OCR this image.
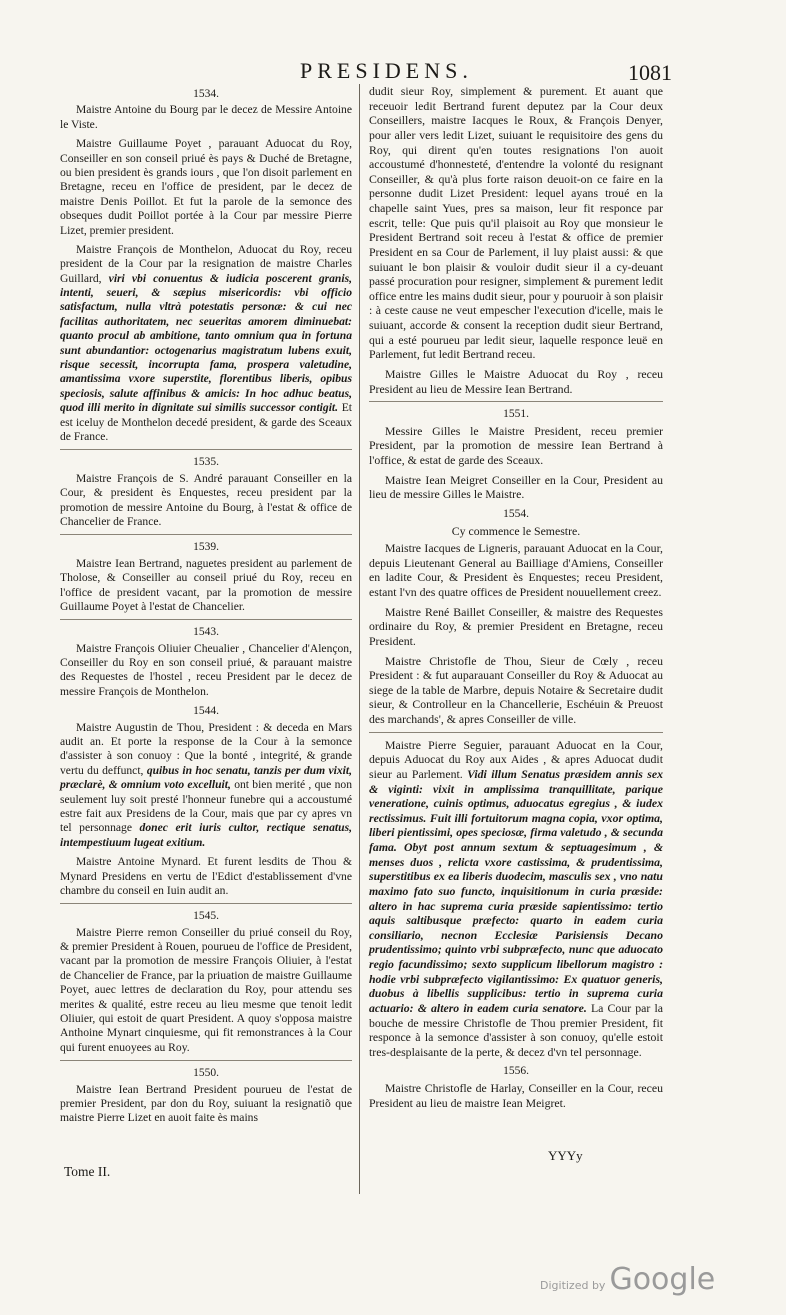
PRESIDENS.	1081
1534.

Maistre Antoine du Bourg par le decez de Messire Antoine le Viste.

Maistre Guillaume Poyet , parauant Aduocat du Roy, Conseiller en son conseil priué ès pays & Duché de Bretagne, ou bien president ès grands iours , que l'on disoit parlement en Bretagne, receu en l'office de president, par le decez de maistre Denis Poillot. Et fut la parole de la semonce des obseques dudit Poillot portée à la Cour par messire Pierre Lizet, premier president.

Maistre François de Monthelon, Aduocat du Roy, receu president de la Cour par la resignation de maistre Charles Guillard, viri vbi conuentus & iudicia poscerent granis, intenti, seueri, & sæpius misericordis: vbi officio satisfactum, nulla vltrà potestatis personæ: & cui nec facilitas authoritatem, nec seueritas amorem diminuebat: quanto procul ab ambitione, tanto omnium qua in fortuna sunt abundantior: octogenarius magistratum lubens exuit, risque secessit, incorrupta fama, prospera valetudine, amantissima vxore superstite, florentibus liberis, opibus speciosis, salute affinibus & amicis: In hoc adhuc beatus, quod illi merito in dignitate sui similis successor contigit. Et est iceluy de Monthelon decedé president, & garde des Sceaux de France.

1535.

Maistre François de S. André parauant Conseiller en la Cour, & president ès Enquestes, receu president par la promotion de messire Antoine du Bourg, à l'estat & office de Chancelier de France.

1539.

Maistre Iean Bertrand, naguetes president au parlement de Tholose, & Conseiller au conseil priué du Roy, receu en l'office de president vacant, par la promotion de messire Guillaume Poyet à l'estat de Chancelier.

1543.

Maistre François Oliuier Cheualier , Chancelier d'Alençon, Conseiller du Roy en son conseil priué, & parauant maistre des Requestes de l'hostel , receu President par le decez de messire François de Monthelon.

1544.

Maistre Augustin de Thou, President : & deceda en Mars audit an. Et porte la response de la Cour à la semonce d'assister à son conuoy : Que la bonté , integrité, & grande vertu du deffunct, quibus in hoc senatu, tanzis per dum vixit, præclarè, & omnium voto excelluit, ont bien merité , que non seulement luy soit presté l'honneur funebre qui a accoustumé estre fait aux Presidens de la Cour, mais que par cy apres vn tel personnage donec erit iuris cultor, rectique senatus, intempestiuum lugeat exitium.

Maistre Antoine Mynard. Et furent lesdits de Thou & Mynard Presidens en vertu de l'Edict d'establissement d'vne chambre du conseil en Iuin audit an.

1545.

Maistre Pierre remon Conseiller du priué conseil du Roy, & premier President à Rouen, pourueu de l'office de President, vacant par la promotion de messire François Oliuier, à l'estat de Chancelier de France, par la priuation de maistre Guillaume Poyet, auec lettres de declaration du Roy, pour attendu ses merites & qualité, estre receu au lieu mesme que tenoit ledit Oliuier, qui estoit de quart President. A quoy s'opposa maistre Anthoine Mynart cinquiesme, qui fit remonstrances à la Cour qui furent enuoyees au Roy.

1550.

Maistre Iean Bertrand President pourueu de l'estat de premier President, par don du Roy, suiuant la resignatiõ que maistre Pierre Lizet en auoit faite ès mains

dudit sieur Roy, simplement & purement. Et auant que receuoir ledit Bertrand furent deputez par la Cour deux Conseillers, maistre Iacques le Roux, & François Denyer, pour aller vers ledit Lizet, suiuant le requisitoire des gens du Roy, qui dirent qu'en toutes resignations l'on auoit accoustumé d'honnesteté, d'entendre la volonté du resignant Conseiller, & qu'à plus forte raison deuoit-on ce faire en la personne dudit Lizet President: lequel ayans troué en la chapelle saint Yues, pres sa maison, leur fit responce par escrit, telle: Que puis qu'il plaisoit au Roy que monsieur le President Bertrand soit receu à l'estat & office de premier President en sa Cour de Parlement, il luy plaist aussi: & que suiuant le bon plaisir & vouloir dudit sieur il a cy-deuant passé procuration pour resigner, simplement & purement ledit office entre les mains dudit sieur, pour y pouruoir à son plaisir : à ceste cause ne veut empescher l'execution d'icelle, mais le suiuant, accorde & consent la reception dudit sieur Bertrand, qui a esté pourueu par ledit sieur, laquelle responce leuë en Parlement, fut ledit Bertrand receu.

Maistre Gilles le Maistre Aduocat du Roy , receu President au lieu de Messire Iean Bertrand.

1551.

Messire Gilles le Maistre President, receu premier President, par la promotion de messire Iean Bertrand à l'office, & estat de garde des Sceaux.

Maistre Iean Meigret Conseiller en la Cour, President au lieu de messire Gilles le Maistre.

1554.
Cy commence le Semestre.

Maistre Iacques de Ligneris, parauant Aduocat en la Cour, depuis Lieutenant General au Bailliage d'Amiens, Conseiller en ladite Cour, & President ès Enquestes; receu President, estant l'vn des quatre offices de President nouuellement creez.

Maistre René Baillet Conseiller, & maistre des Requestes ordinaire du Roy, & premier President en Bretagne, receu President.

Maistre Christofle de Thou, Sieur de Cœly , receu President : & fut auparauant Conseiller du Roy & Aduocat au siege de la table de Marbre, depuis Notaire & Secretaire dudit sieur, & Controlleur en la Chancellerie, Eschéuin & Preuost des marchands', & apres Conseiller de ville.

Maistre Pierre Seguier, parauant Aduocat en la Cour, depuis Aduocat du Roy aux Aides , & apres Aduocat dudit sieur au Parlement. Vidi illum Senatus præsidem annis sex & viginti: vixit in amplissima tranquillitate, parique veneratione, cuinis optimus, aduocatus egregius , & iudex rectissimus. Fuit illi fortuitorum magna copia, vxor optima, liberi pientissimi, opes speciosæ, firma valetudo , & secunda fama. Obyt post annum sextum & septuagesimum , & menses duos , relicta vxore castissima, & prudentissima, superstitibus ex ea liberis duodecim, masculis sex , vno natu maximo fato suo functo, inquisitionum in curia præside: altero in hac suprema curia præside sapientissimo: tertio aquis saltibusque præfecto: quarto in eadem curia consiliario, necnon Ecclesiæ Parisiensis Decano prudentissimo; quinto vrbi subpræfecto, nunc que aduocato regio facundissimo; sexto supplicum libellorum magistro : hodie vrbi subpræfecto vigilantissimo: Ex quatuor generis, duobus à libellis supplicibus: tertio in suprema curia actuario: & altero in eadem curia senatore. La Cour par la bouche de messire Christofle de Thou premier President, fit responce à la semonce d'assister à son conuoy, qu'elle estoit tres-desplaisante de la perte, & decez d'vn tel personnage.

1556.

Maistre Christofle de Harlay, Conseiller en la Cour, receu President au lieu de maistre Iean Meigret.

Tome II.
YYYy
Digitized by Google
